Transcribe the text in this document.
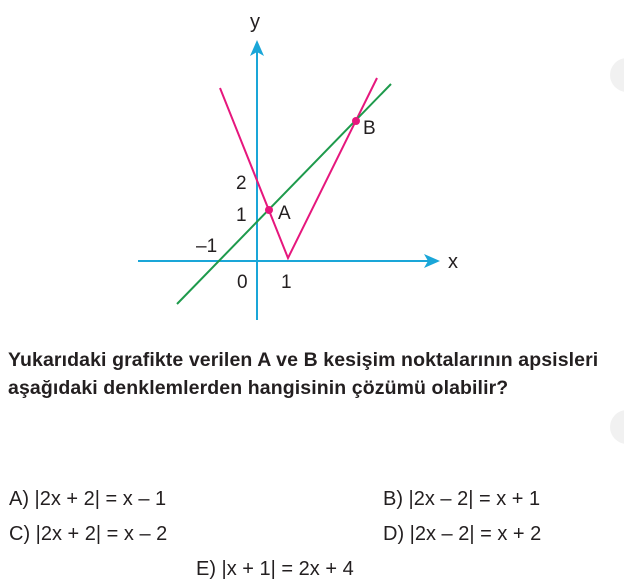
y
x
–1
0 1
1
2
A
B
Yukarıdaki grafikte verilen A ve B kesişim noktalarının apsisleri aşağıdaki denklemlerden hangisinin çözümü olabilir?
A) |2x + 2| = x – 1	B) |2x – 2| = x + 1
C) |2x + 2| = x – 2	D) |2x – 2| = x + 2
E) |x + 1| = 2x + 4
